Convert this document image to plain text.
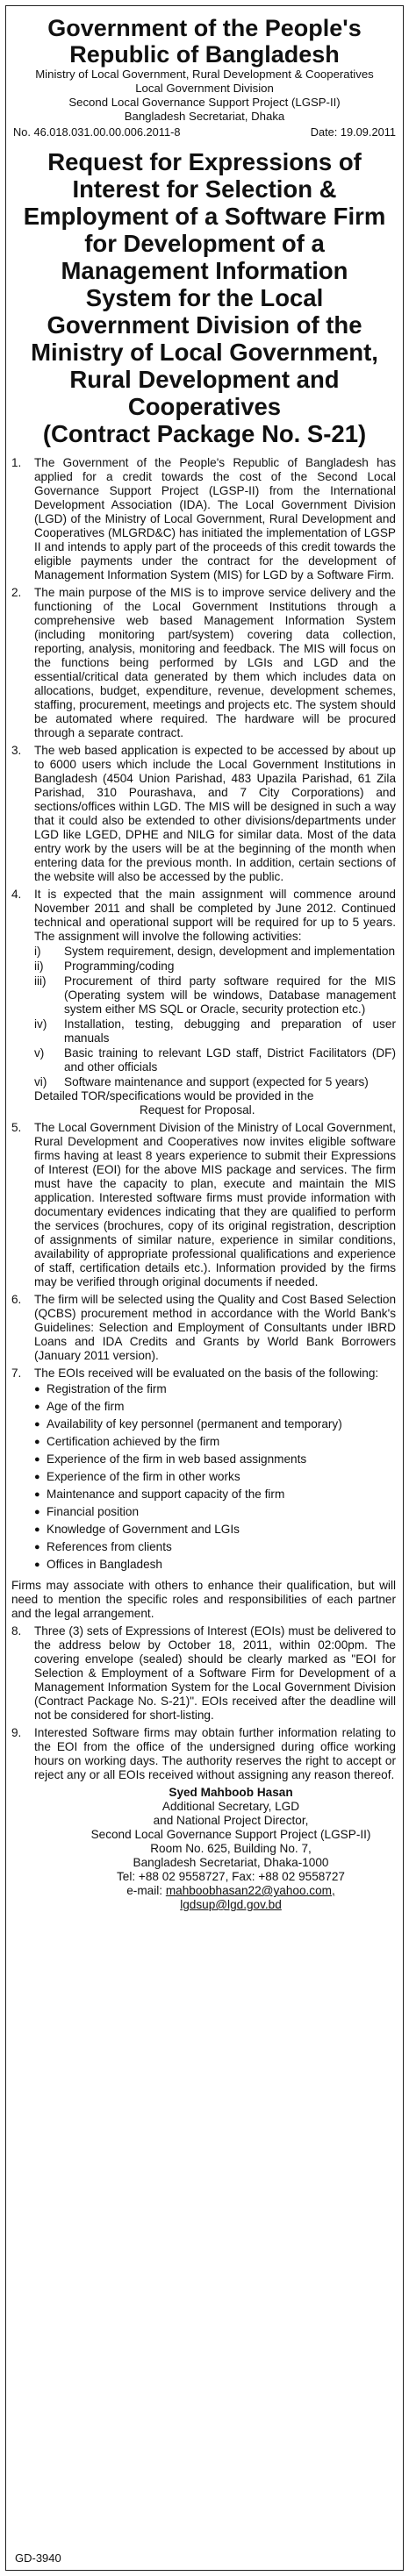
Government of the People's
Republic of Bangladesh
Ministry of Local Government, Rural Development & Cooperatives
Local Government Division
Second Local Governance Support Project (LGSP-II)
Bangladesh Secretariat, Dhaka
No. 46.018.031.00.00.006.2011-8	Date: 19.09.2011
Request for Expressions of
Interest for Selection &
Employment of a Software Firm
for Development of a
Management Information
System for the Local
Government Division of the
Ministry of Local Government,
Rural Development and
Cooperatives
(Contract Package No. S-21)
1.	The Government of the People's Republic of Bangladesh has applied for a credit towards the cost of the Second Local Governance Support Project (LGSP-II) from the International Development Association (IDA). The Local Government Division (LGD) of the Ministry of Local Government, Rural Development and Cooperatives (MLGRD&C) has initiated the implementation of LGSP II and intends to apply part of the proceeds of this credit towards the eligible payments under the contract for the development of Management Information System (MIS) for LGD by a Software Firm.
2.	The main purpose of the MIS is to improve service delivery and the functioning of the Local Government Institutions through a comprehensive web based Management Information System (including monitoring part/system) covering data collection, reporting, analysis, monitoring and feedback. The MIS will focus on the functions being performed by LGIs and LGD and the essential/critical data generated by them which includes data on allocations, budget, expenditure, revenue, development schemes, staffing, procurement, meetings and projects etc. The system should be automated where required. The hardware will be procured through a separate contract.
3.	The web based application is expected to be accessed by about up to 6000 users which include the Local Government Institutions in Bangladesh (4504 Union Parishad, 483 Upazila Parishad, 61 Zila Parishad, 310 Pourashava, and 7 City Corporations) and sections/offices within LGD. The MIS will be designed in such a way that it could also be extended to other divisions/departments under LGD like LGED, DPHE and NILG for similar data. Most of the data entry work by the users will be at the beginning of the month when entering data for the previous month. In addition, certain sections of the website will also be accessed by the public.
4.	It is expected that the main assignment will commence around November 2011 and shall be completed by June 2012. Continued technical and operational support will be required for up to 5 years. The assignment will involve the following activities:
i)	System requirement, design, development and implementation
ii)	Programming/coding
iii)	Procurement of third party software required for the MIS (Operating system will be windows, Database management system either MS SQL or Oracle, security protection etc.)
iv)	Installation, testing, debugging and preparation of user manuals
v)	Basic training to relevant LGD staff, District Facilitators (DF) and other officials
vi)	Software maintenance and support (expected for 5 years)
Detailed TOR/specifications would be provided in the
Request for Proposal.
5.	The Local Government Division of the Ministry of Local Government, Rural Development and Cooperatives now invites eligible software firms having at least 8 years experience to submit their Expressions of Interest (EOI) for the above MIS package and services. The firm must have the capacity to plan, execute and maintain the MIS application. Interested software firms must provide information with documentary evidences indicating that they are qualified to perform the services (brochures, copy of its original registration, description of assignments of similar nature, experience in similar conditions, availability of appropriate professional qualifications and experience of staff, certification details etc.). Information provided by the firms may be verified through original documents if needed.
6.	The firm will be selected using the Quality and Cost Based Selection (QCBS) procurement method in accordance with the World Bank's Guidelines: Selection and Employment of Consultants under IBRD Loans and IDA Credits and Grants by World Bank Borrowers (January 2011 version).
7.	The EOIs received will be evaluated on the basis of the following:
● Registration of the firm
● Age of the firm
● Availability of key personnel (permanent and temporary)
● Certification achieved by the firm
● Experience of the firm in web based assignments
● Experience of the firm in other works
● Maintenance and support capacity of the firm
● Financial position
● Knowledge of Government and LGIs
● References from clients
● Offices in Bangladesh
Firms may associate with others to enhance their qualification, but will need to mention the specific roles and responsibilities of each partner and the legal arrangement.
8.	Three (3) sets of Expressions of Interest (EOIs) must be delivered to the address below by October 18, 2011, within 02:00pm. The covering envelope (sealed) should be clearly marked as "EOI for Selection & Employment of a Software Firm for Development of a Management Information System for the Local Government Division (Contract Package No. S-21)". EOIs received after the deadline will not be considered for short-listing.
9.	Interested Software firms may obtain further information relating to the EOI from the office of the undersigned during office working hours on working days. The authority reserves the right to accept or reject any or all EOIs received without assigning any reason thereof.
Syed Mahboob Hasan
Additional Secretary, LGD
and National Project Director,
Second Local Governance Support Project (LGSP-II)
Room No. 625, Building No. 7,
Bangladesh Secretariat, Dhaka-1000
Tel: +88 02 9558727, Fax: +88 02 9558727
e-mail: mahboobhasan22@yahoo.com,
lgdsup@lgd.gov.bd
GD-3940
